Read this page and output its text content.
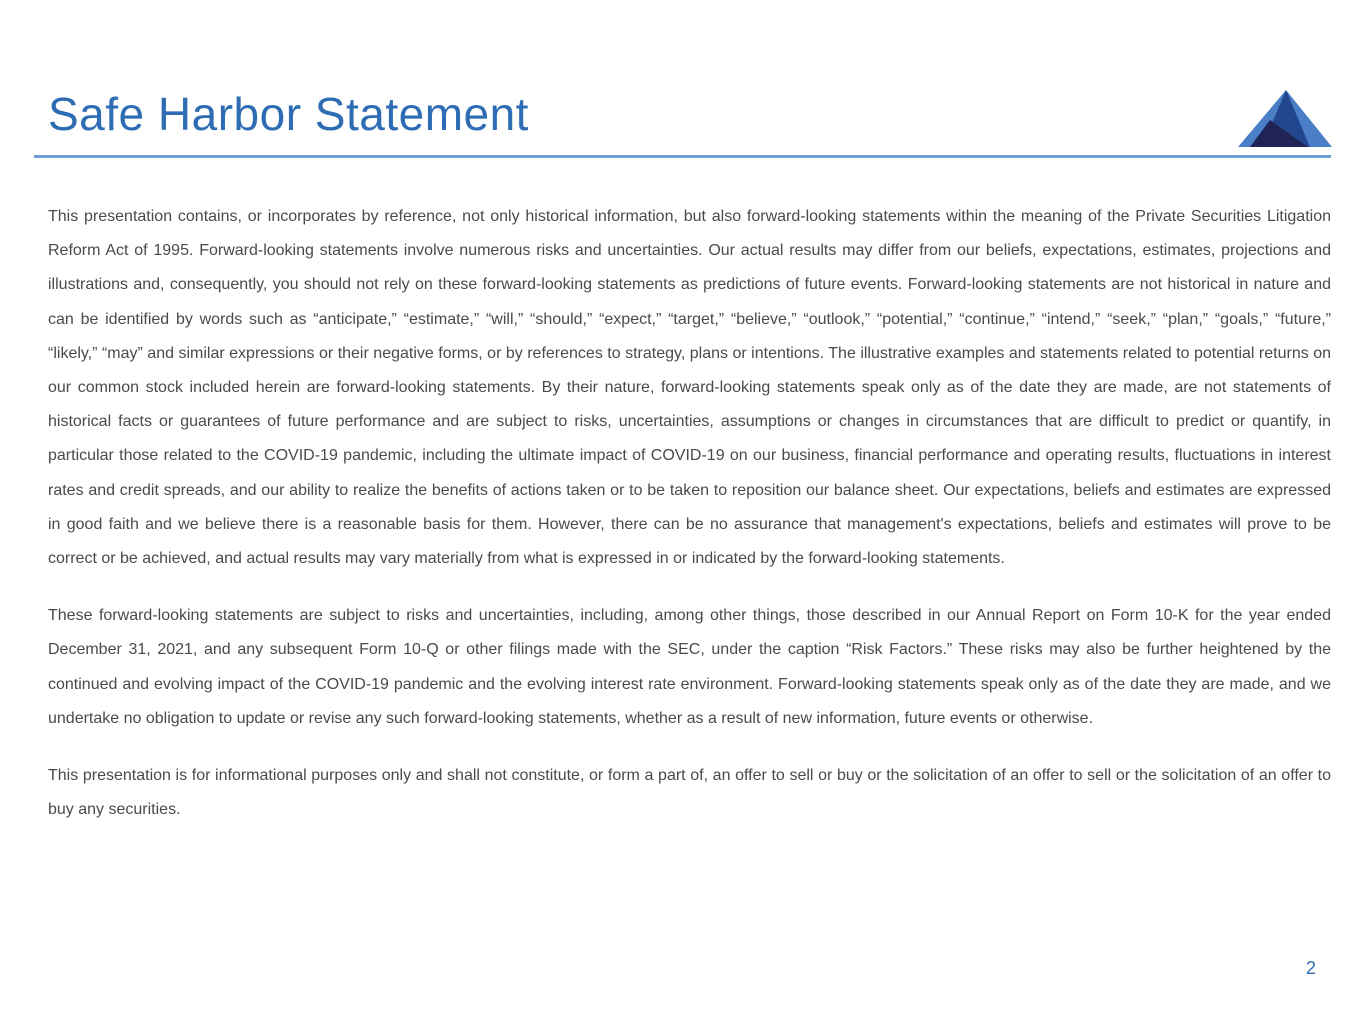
Safe Harbor Statement

This presentation contains, or incorporates by reference, not only historical information, but also forward-looking statements within the meaning of the Private Securities Litigation Reform Act of 1995. Forward-looking statements involve numerous risks and uncertainties. Our actual results may differ from our beliefs, expectations, estimates, projections and illustrations and, consequently, you should not rely on these forward-looking statements as predictions of future events. Forward-looking statements are not historical in nature and can be identified by words such as “anticipate,” “estimate,” “will,” “should,” “expect,” “target,” “believe,” “outlook,” “potential,” “continue,” “intend,” “seek,” “plan,” “goals,” “future,” “likely,” “may” and similar expressions or their negative forms, or by references to strategy, plans or intentions. The illustrative examples and statements related to potential returns on our common stock included herein are forward-looking statements. By their nature, forward-looking statements speak only as of the date they are made, are not statements of historical facts or guarantees of future performance and are subject to risks, uncertainties, assumptions or changes in circumstances that are difficult to predict or quantify, in particular those related to the COVID-19 pandemic, including the ultimate impact of COVID-19 on our business, financial performance and operating results, fluctuations in interest rates and credit spreads, and our ability to realize the benefits of actions taken or to be taken to reposition our balance sheet. Our expectations, beliefs and estimates are expressed in good faith and we believe there is a reasonable basis for them. However, there can be no assurance that management's expectations, beliefs and estimates will prove to be correct or be achieved, and actual results may vary materially from what is expressed in or indicated by the forward-looking statements.

These forward-looking statements are subject to risks and uncertainties, including, among other things, those described in our Annual Report on Form 10-K for the year ended December 31, 2021, and any subsequent Form 10-Q or other filings made with the SEC, under the caption “Risk Factors.” These risks may also be further heightened by the continued and evolving impact of the COVID-19 pandemic and the evolving interest rate environment. Forward-looking statements speak only as of the date they are made, and we undertake no obligation to update or revise any such forward-looking statements, whether as a result of new information, future events or otherwise.

This presentation is for informational purposes only and shall not constitute, or form a part of, an offer to sell or buy or the solicitation of an offer to sell or the solicitation of an offer to buy any securities.

2
